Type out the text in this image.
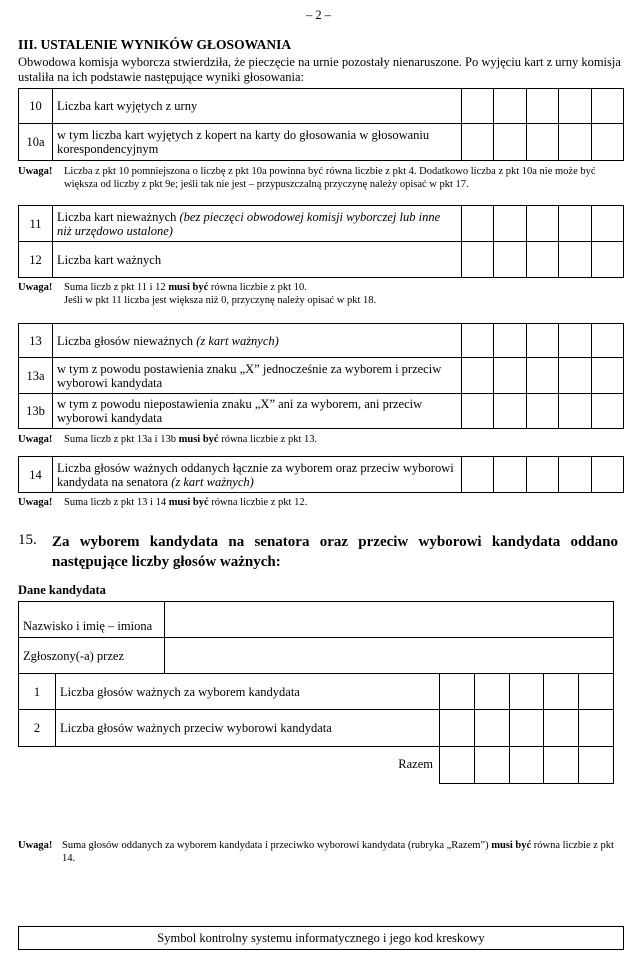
– 2 –
III. USTALENIE WYNIKÓW GŁOSOWANIA
Obwodowa komisja wyborcza stwierdziła, że pieczęcie na urnie pozostały nienaruszone. Po wyjęciu kart z urny komisja ustaliła na ich podstawie następujące wyniki głosowania:
10	Liczba kart wyjętych z urny					
10a	w tym liczba kart wyjętych z kopert na karty do głosowania w głosowaniu korespondencyjnym					
Uwaga! Liczba z pkt 10 pomniejszona o liczbę z pkt 10a powinna być równa liczbie z pkt 4. Dodatkowo liczba z pkt 10a nie może być większa od liczby z pkt 9e; jeśli tak nie jest – przypuszczalną przyczynę należy opisać w pkt 17.
11	Liczba kart nieważnych (bez pieczęci obwodowej komisji wyborczej lub inne niż urzędowo ustalone)					
12	Liczba kart ważnych					
Uwaga! Suma liczb z pkt 11 i 12 musi być równa liczbie z pkt 10.
Jeśli w pkt 11 liczba jest większa niż 0, przyczynę należy opisać w pkt 18.
13	Liczba głosów nieważnych (z kart ważnych)					
13a	w tym z powodu postawienia znaku „X” jednocześnie za wyborem i przeciw wyborowi kandydata					
13b	w tym z powodu niepostawienia znaku „X” ani za wyborem, ani przeciw wyborowi kandydata					
Uwaga! Suma liczb z pkt 13a i 13b musi być równa liczbie z pkt 13.
14	Liczba głosów ważnych oddanych łącznie za wyborem oraz przeciw wyborowi kandydata na senatora (z kart ważnych)					
Uwaga! Suma liczb z pkt 13 i 14 musi być równa liczbie z pkt 12.
15. Za wyborem kandydata na senatora oraz przeciw wyborowi kandydata oddano następujące liczby głosów ważnych:
Dane kandydata
Nazwisko i imię – imiona	
Zgłoszony(-a) przez	
1	Liczba głosów ważnych za wyborem kandydata					
2	Liczba głosów ważnych przeciw wyborowi kandydata					
Razem						
Uwaga! Suma głosów oddanych za wyborem kandydata i przeciwko wyborowi kandydata (rubryka „Razem”) musi być równa liczbie z pkt 14.
Symbol kontrolny systemu informatycznego i jego kod kreskowy
